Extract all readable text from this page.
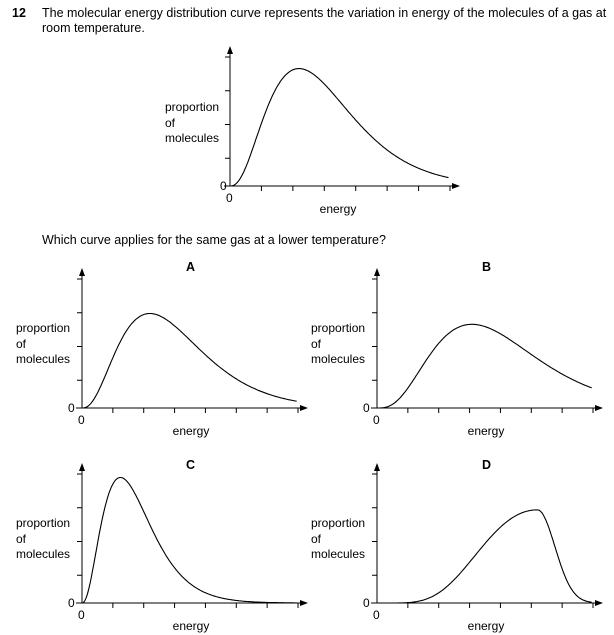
12 The molecular energy distribution curve represents the variation in energy of the molecules of a gas at room temperature.
Which curve applies for the same gas at a lower temperature?
A	B
C	D
proportion
of
molecules
energy
0
0
proportion
of
molecules
energy
0
0
proportion
of
molecules
energy
0
0
proportion
of
molecules
energy
0
0
proportion
of
molecules
energy
0
0
